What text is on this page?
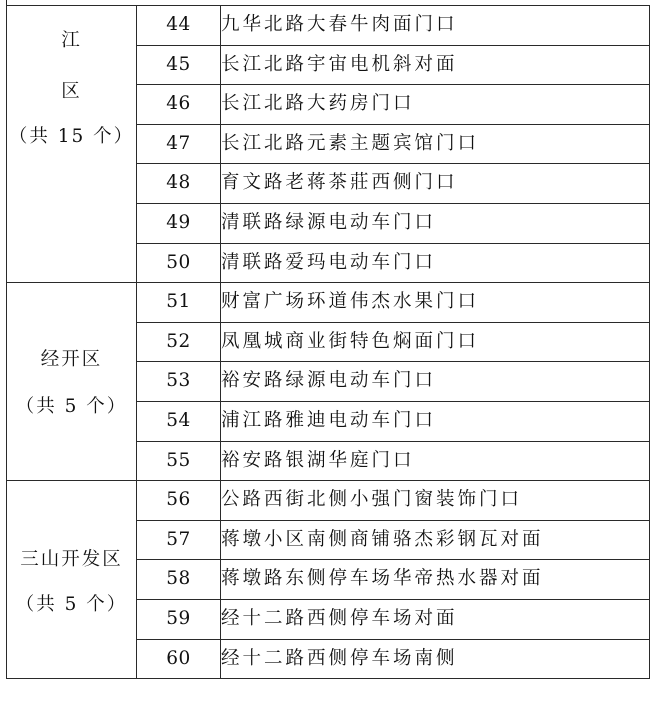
江
区
（共 15 个）	44	九华北路大春牛肉面门口
	45	长江北路宇宙电机斜对面
	46	长江北路大药房门口
	47	长江北路元素主题宾馆门口
	48	育文路老蒋茶莊西侧门口
	49	清联路绿源电动车门口
	50	清联路爱玛电动车门口

经开区
（共 5 个）	51	财富广场环道伟杰水果门口
	52	凤凰城商业街特色焖面门口
	53	裕安路绿源电动车门口
	54	浦江路雅迪电动车门口
	55	裕安路银湖华庭门口

三山开发区
（共 5 个）	56	公路西街北侧小强门窗装饰门口
	57	蒋墩小区南侧商铺骆杰彩钢瓦对面
	58	蒋墩路东侧停车场华帝热水器对面
	59	经十二路西侧停车场对面
	60	经十二路西侧停车场南侧
